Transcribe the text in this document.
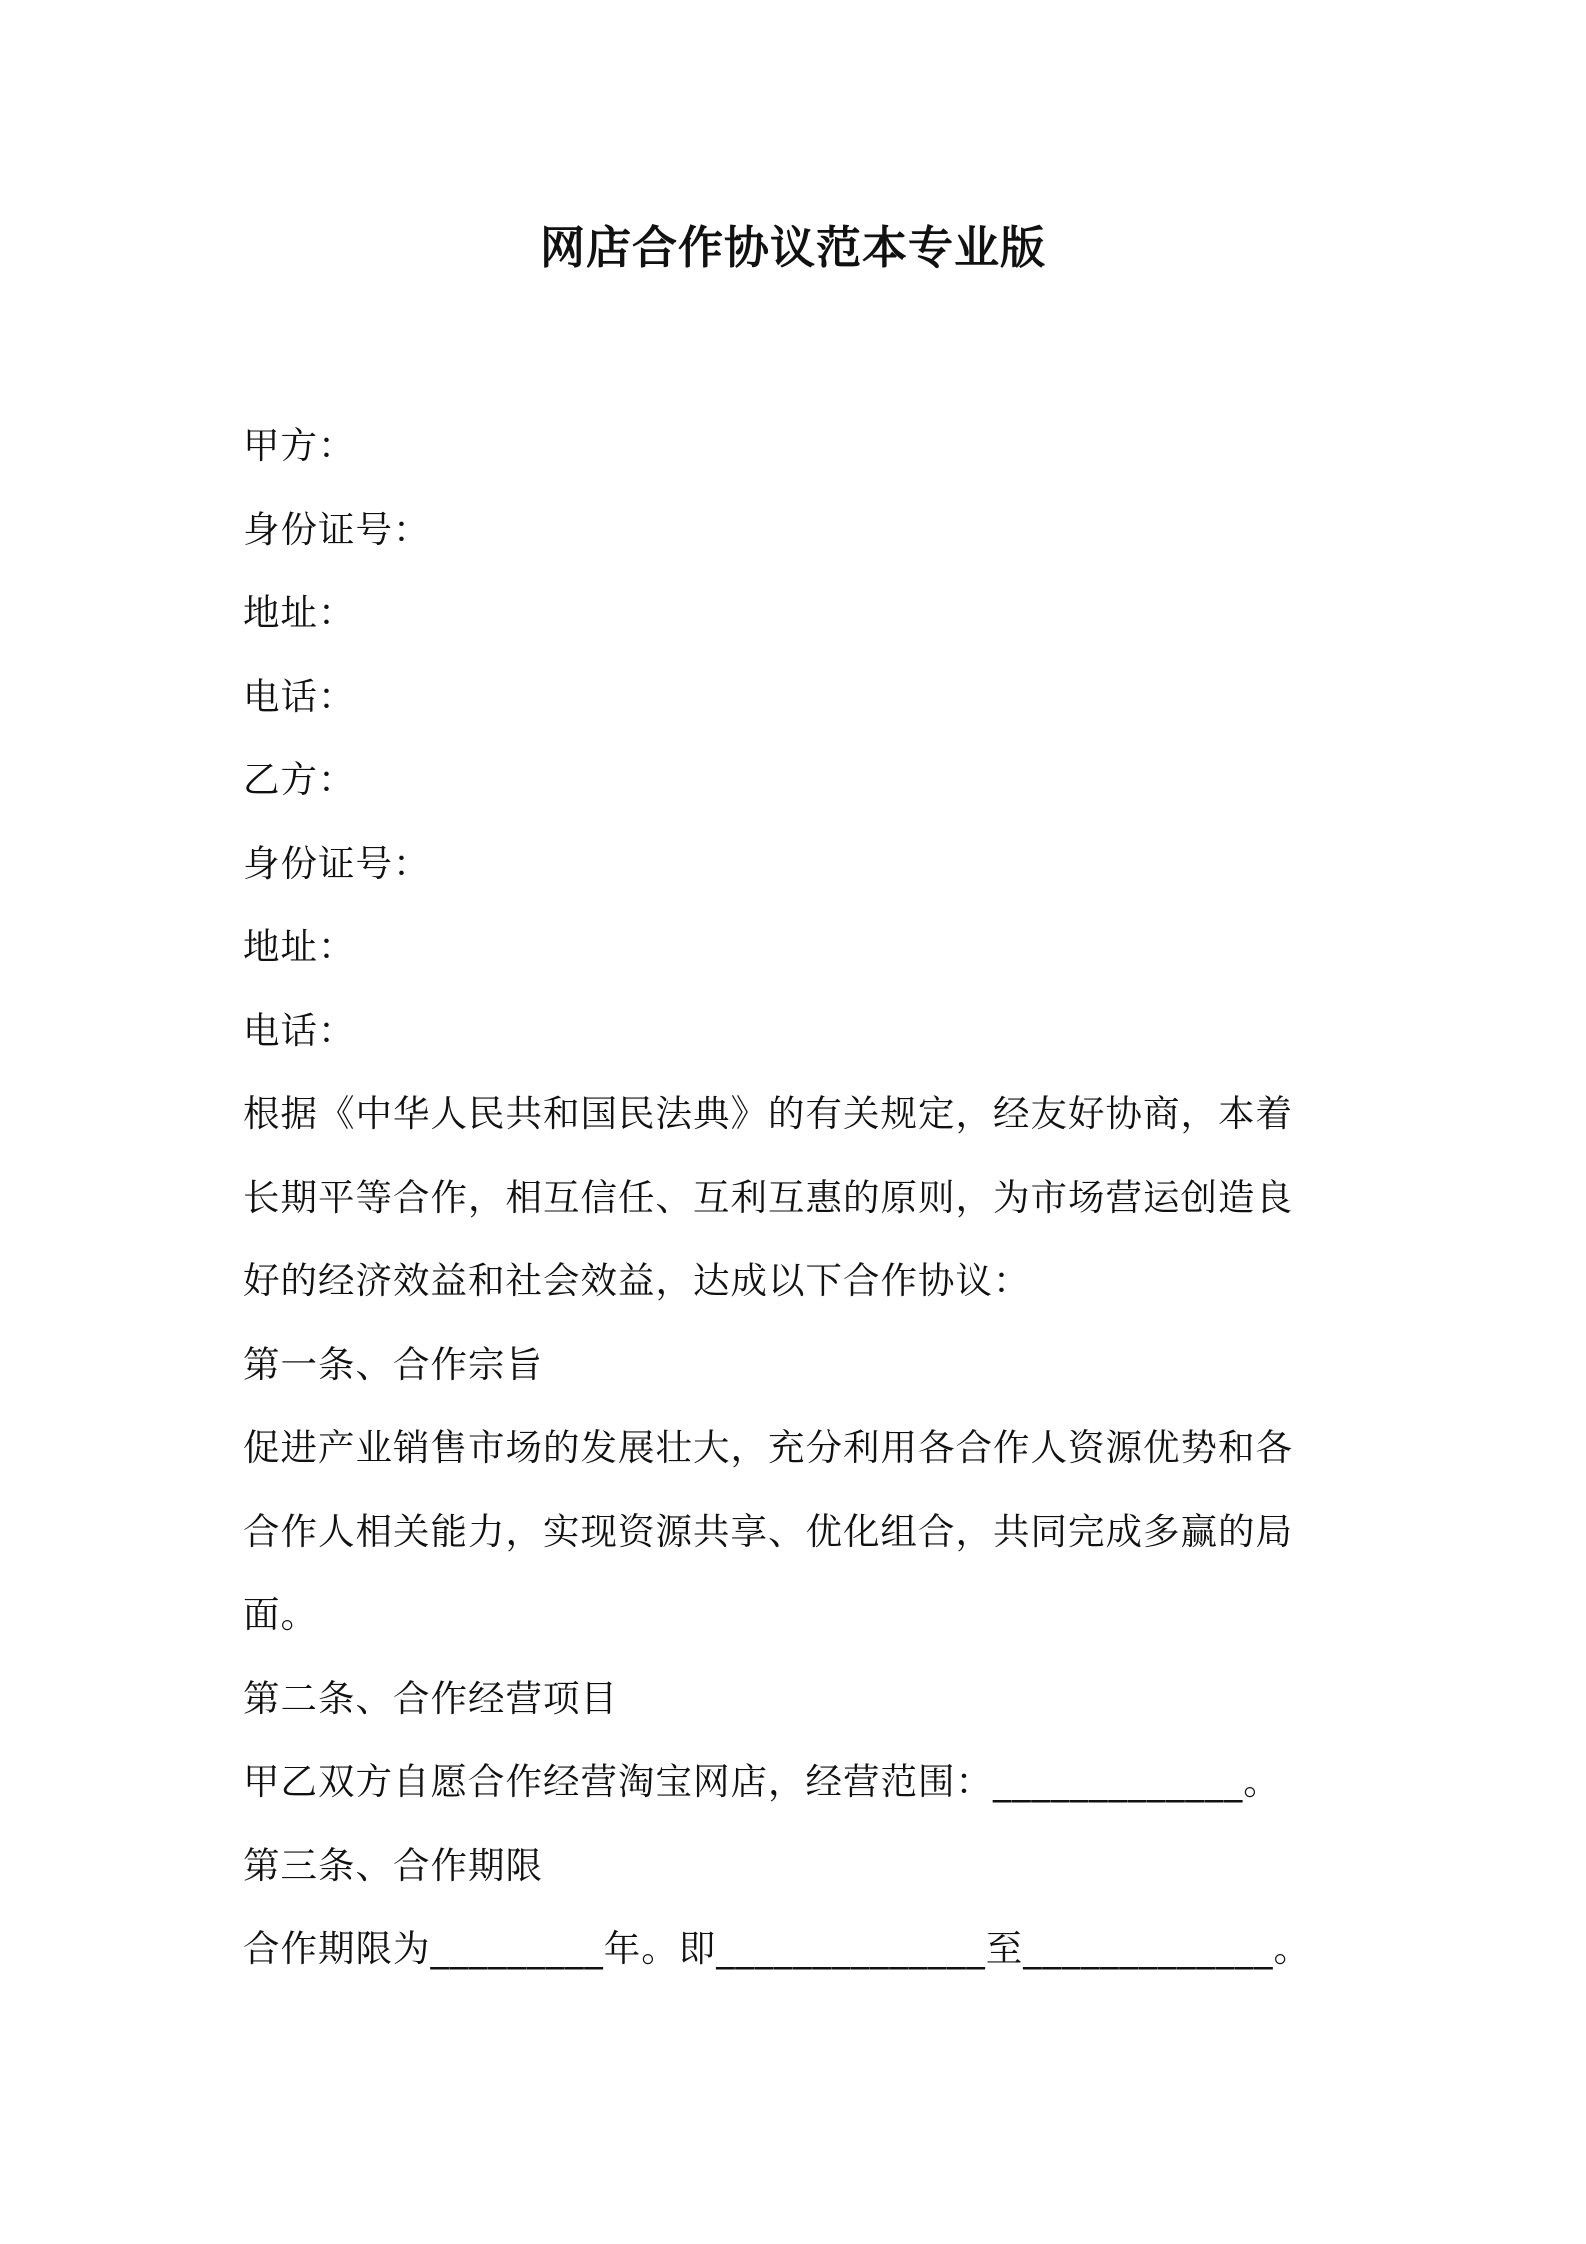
网店合作协议范本专业版

甲方：

身份证号：

地址：

电话：

乙方：

身份证号：

地址：

电话：

根据《中华人民共和国民法典》的有关规定，经友好协商，本着

长期平等合作，相互信任、互利互惠的原则，为市场营运创造良

好的经济效益和社会效益，达成以下合作协议：

第一条、合作宗旨

促进产业销售市场的发展壮大，充分利用各合作人资源优势和各

合作人相关能力，实现资源共享、优化组合，共同完成多赢的局

面。

第二条、合作经营项目

甲乙双方自愿合作经营淘宝网店，经营范围：_____________。

第三条、合作期限

合作期限为_________年。即______________至_____________。
